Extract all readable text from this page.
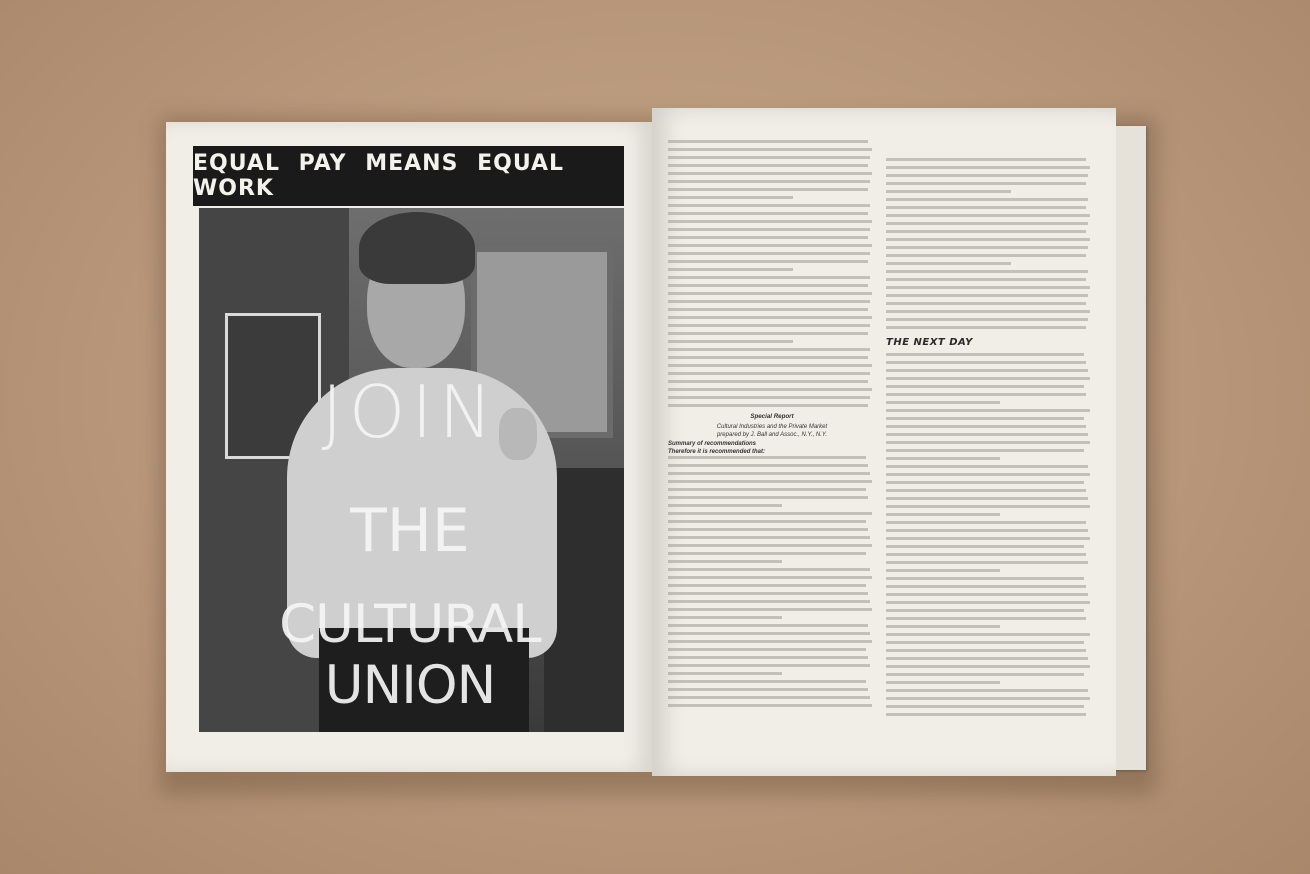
EQUAL PAY MEANS EQUAL WORK
JOIN
THE
CULTURAL UNION
Special Report
Cultural Industries and the Private Market
prepared by J. Ball and Assoc., N.Y., N.Y.
Summary of recommendations
Therefore it is recommended that:
THE NEXT DAY
